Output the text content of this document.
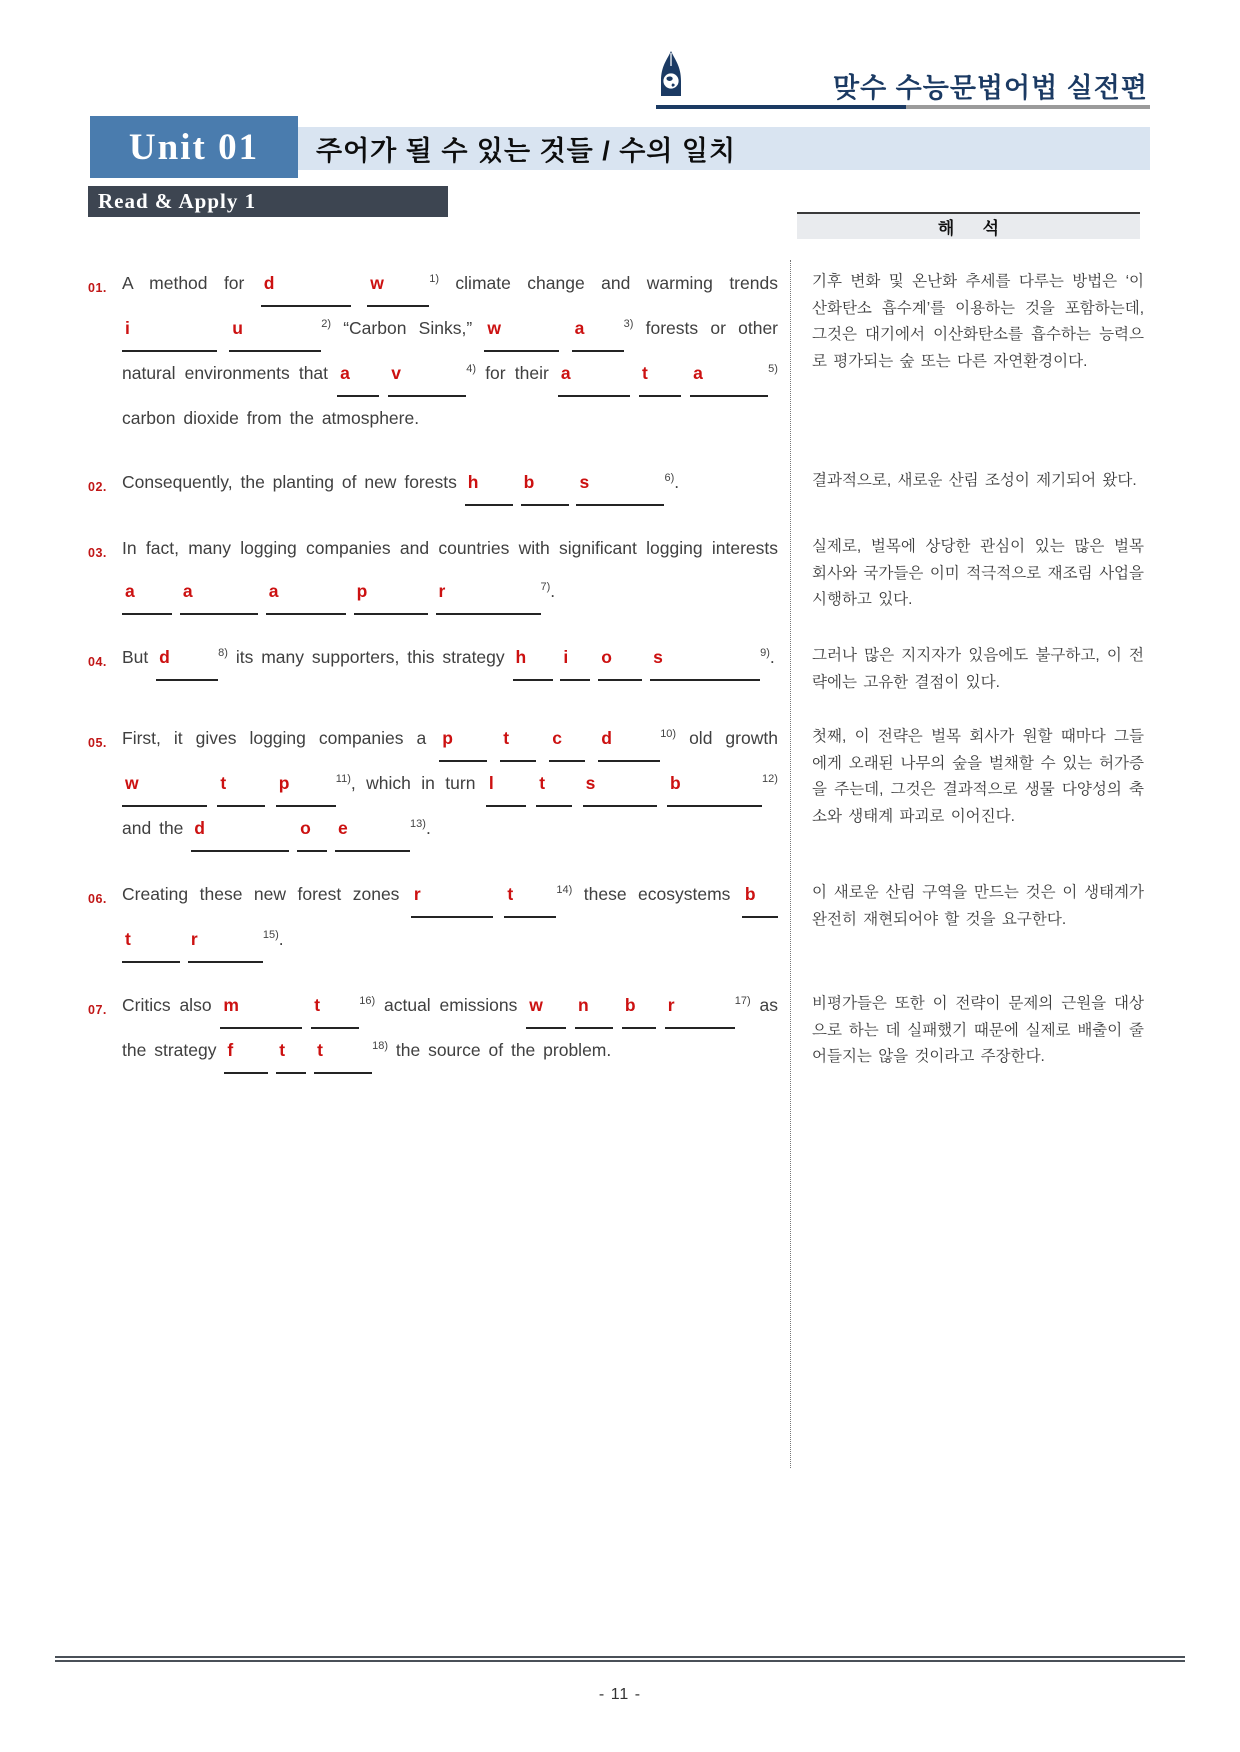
맞수 수능문법어법 실전편
Unit 01	주어가 될 수 있는 것들 / 수의 일치
Read & Apply 1
해      석
01. A method for d	w	$^{1)}$ climate change and warming trends i	u	$^{2)}$ “Carbon Sinks,” w	a	$^{3)}$ forests or other natural environments that a v	$^{4)}$ for their a	t	a	$^{5)}$ carbon dioxide from the atmosphere.
기후 변화 및 온난화 추세를 다루는 방법은 ‘이산화탄소 흡수계’를 이용하는 것을 포함하는데, 그것은 대기에서 이산화탄소를 흡수하는 능력으로 평가되는 숲 또는 다른 자연환경이다.
02. Consequently, the planting of new forests h	b	s	$^{6)}$.	결과적으로, 새로운 산림 조성이 제기되어 왔다.
03. In fact, many logging companies and countries with significant logging interests a	a	a	p	r	$^{7)}$.
실제로, 벌목에 상당한 관심이 있는 많은 벌목 회사와 국가들은 이미 적극적으로 재조림 사업을 시행하고 있다.
04. But d	$^{8)}$ its many supporters, this strategy h i o s	$^{9)}$. 그러나 많은 지지자가 있음에도 불구하고, 이 전략에는 고유한 결점이 있다.
05. First, it gives logging companies a p	t c d	$^{10)}$ old growth w	t	p	$^{11)}$, which in turn l	t s	b	$^{12)}$ and the d	o e	$^{13)}$.
첫째, 이 전략은 벌목 회사가 원할 때마다 그들에게 오래된 나무의 숲을 벌채할 수 있는 허가증을 주는데, 그것은 결과적으로 생물 다양성의 축소와 생태계 파괴로 이어진다.
06. Creating these new forest zones r	t	$^{14)}$ these ecosystems b t	r	$^{15)}$.
이 새로운 산림 구역을 만드는 것은 이 생태계가 완전히 재현되어야 할 것을 요구한다.
07. Critics also m	t	$^{16)}$ actual emissions w n b r	$^{17)}$ as the strategy f	t t	$^{18)}$ the source of the problem.
비평가들은 또한 이 전략이 문제의 근원을 대상으로 하는 데 실패했기 때문에 실제로 배출이 줄어들지는 않을 것이라고 주장한다.
- 11 -
